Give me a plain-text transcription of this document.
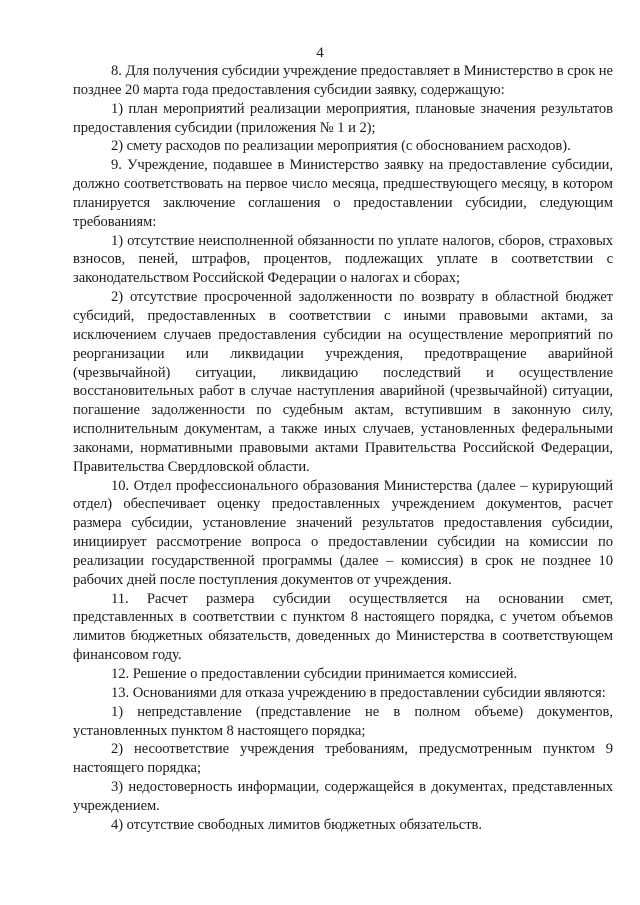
4

8. Для получения субсидии учреждение предоставляет в Министерство в срок не позднее 20 марта года предоставления субсидии заявку, содержащую:

1) план мероприятий реализации мероприятия, плановые значения результатов предоставления субсидии (приложения № 1 и 2);

2) смету расходов по реализации мероприятия (с обоснованием расходов).

9. Учреждение, подавшее в Министерство заявку на предоставление субсидии, должно соответствовать на первое число месяца, предшествующего месяцу, в котором планируется заключение соглашения о предоставлении субсидии, следующим требованиям:

1) отсутствие неисполненной обязанности по уплате налогов, сборов, страховых взносов, пеней, штрафов, процентов, подлежащих уплате в соответствии с законодательством Российской Федерации о налогах и сборах;

2) отсутствие просроченной задолженности по возврату в областной бюджет субсидий, предоставленных в соответствии с иными правовыми актами, за исключением случаев предоставления субсидии на осуществление мероприятий по реорганизации или ликвидации учреждения, предотвращение аварийной (чрезвычайной) ситуации, ликвидацию последствий и осуществление восстановительных работ в случае наступления аварийной (чрезвычайной) ситуации, погашение задолженности по судебным актам, вступившим в законную силу, исполнительным документам, а также иных случаев, установленных федеральными законами, нормативными правовыми актами Правительства Российской Федерации, Правительства Свердловской области.

10. Отдел профессионального образования Министерства (далее – курирующий отдел) обеспечивает оценку предоставленных учреждением документов, расчет размера субсидии, установление значений результатов предоставления субсидии, инициирует рассмотрение вопроса о предоставлении субсидии на комиссии по реализации государственной программы (далее – комиссия) в срок не позднее 10 рабочих дней после поступления документов от учреждения.

11. Расчет размера субсидии осуществляется на основании смет, представленных в соответствии с пунктом 8 настоящего порядка, с учетом объемов лимитов бюджетных обязательств, доведенных до Министерства в соответствующем финансовом году.

12. Решение о предоставлении субсидии принимается комиссией.

13. Основаниями для отказа учреждению в предоставлении субсидии являются:

1) непредставление (представление не в полном объеме) документов, установленных пунктом 8 настоящего порядка;

2) несоответствие учреждения требованиям, предусмотренным пунктом 9 настоящего порядка;

3) недостоверность информации, содержащейся в документах, представленных учреждением.

4) отсутствие свободных лимитов бюджетных обязательств.
